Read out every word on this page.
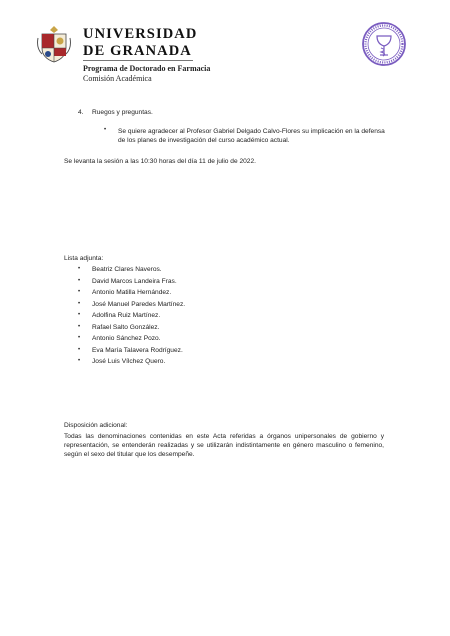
UNIVERSIDAD
DE GRANADA
Programa de Doctorado en Farmacia
Comisión Académica
4. Ruegos y preguntas.
• Se quiere agradecer al Profesor Gabriel Delgado Calvo-Flores su implicación en la defensa de los planes de investigación del curso académico actual.

Se levanta la sesión a las 10:30 horas del día 11 de julio de 2022.

Lista adjunta:

• Beatriz Clares Naveros.
• David Marcos Landeira Fras.
• Antonio Matilla Hernández.
• José Manuel Paredes Martínez.
• Adolfina Ruiz Martínez.
• Rafael Salto González.
• Antonio Sánchez Pozo.
• Eva María Talavera Rodríguez.
• José Luis Vílchez Quero.

Disposición adicional:

Todas las denominaciones contenidas en este Acta referidas a órganos unipersonales de gobierno y representación, se entenderán realizadas y se utilizarán indistintamente en género masculino o femenino, según el sexo del titular que los desempeñe.
